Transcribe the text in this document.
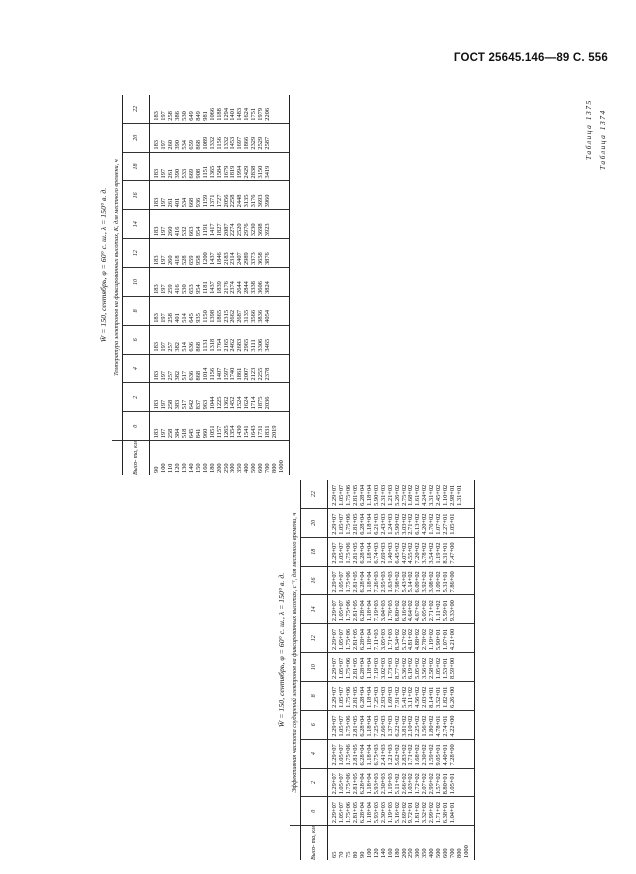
ГОСТ 25645.146—89 С. 556
W̄ = 150, сентябрь, φ = 60° с. ш., λ = 150° в. д.
	Температура электронов на фиксированных высотах, К, для местного времени, ч											
Высо- та, км	0	2	4	6	8	10	12	14	16	18	20	22
90	183	183	183	183	183	183	183	183	183	183	183	183
100	197	197	197	197	197	197	197	197	197	197	197	197
110	258	258	257	257	258	259	260	260	261	261	260	258
120	384	383	382	382	401	416	418	416	401	390	390	386
130	518	517	517	514	514	530	528	532	534	533	534	530
140	645	642	636	636	645	653	659	663	668	669	659	649
150	841	837	868	868	935	954	958	954	936	908	868	849
160	960	963	1014	1131	1150	1181	1200	1191	1159	1151	1089	981
180	1051	1044	1156	1318	1398	1437	1437	1417	1371	1365	1332	1066
200	1157	1225	1407	1764	1865	1839	1846	1827	1727	1584	1156	1188
250	1265	1362	1597	2165	2315	2176	2183	2087	2056	1679	1332	1294
300	1354	1452	1740	2462	2662	2374	2314	2274	2258	1819	1453	1401
350	1430	1524	1861	2683	2687	2644	2407	2520	2448	1994	1697	1483
400	1541	1624	2007	2965	3135	2844	2989	2976	3135	2429	1866	1624
500	1643	1714	2123	3111	3566	3338	3373	3230	3176	2838	2329	1751
600	1731	1875	2255	3306	3836	3606	3658	3698	3693	3150	2529	1979
700	1831	2036	2378	3465	4054	3824	3876	3923	3960	3419	2587	2206
800	2019											
1000												
Таблица 1374
W̄ = 150, сентябрь, φ = 60° с. ш., λ = 150° в. д.
	Эффективная частота соударений электронов на фиксированных высотах, с⁻¹, для местного времени, ч											
Высо- та, км	0	2	4	6	8	10	12	14	16	18	20	22
65	2.29+07	2.29+07	2.29+07	2.29+07	2.29+07	2.29+07	2.29+07	2.29+07	2.29+07	2.29+07	2.29+07	2.29+07
70	1.05+07	1.05+07	1.05+07	1.05+07	1.05+07	1.05+07	1.05+07	1.05+07	1.05+07	1.05+07	1.05+07	1.05+07
75	1.75+06	1.75+06	1.75+06	1.75+06	1.75+06	1.75+06	1.75+06	1.75+06	1.75+06	1.75+06	1.75+06	1.75+06
80	2.81+05	2.81+05	2.81+05	2.81+05	2.81+05	2.81+05	2.81+05	2.81+05	2.81+05	2.81+05	2.81+05	2.81+05
90	6.28+04	6.28+04	6.28+04	6.28+04	6.28+04	6.28+04	6.28+04	6.28+04	6.28+04	6.28+04	6.28+04	6.28+04
100	1.18+04	1.18+04	1.18+04	1.18+04	1.18+04	1.18+04	1.18+04	1.18+04	1.18+04	1.18+04	1.18+04	1.18+04
120	5.93+03	5.93+03	6.75+03	7.25+03	7.25+03	7.19+03	7.11+03	7.19+03	7.26+03	6.74+03	6.21+03	5.90+03
140	2.30+03	2.30+03	2.41+03	2.66+03	2.93+03	3.02+03	3.05+03	3.04+03	2.95+03	2.69+03	2.43+03	2.31+03
160	1.19+03	1.19+03	1.21+03	1.37+03	1.69+03	1.73+03	1.71+03	1.76+03	1.63+03	1.40+03	1.24+03	1.21+03
180	5.16+02	5.11+02	5.62+02	6.22+02	7.91+02	8.77+02	8.34+02	8.80+02	7.98+02	6.45+02	5.90+02	5.26+02
200	2.69+02	2.66+02	2.83+02	3.81+02	5.41+02	5.36+02	5.17+02	6.16+02	5.43+02	4.07+02	3.03+02	2.75+02
250	9.72+01	1.03+02	1.71+02	2.10+02	3.11+02	6.19+02	4.81+02	4.64+02	5.14+02	4.55+02	2.71+02	1.68+02
300	1.81+02	1.72+02	1.68+02	2.25+02	4.56+02	5.05+02	4.88+02	4.67+02	6.09+02	7.20+02	6.13+02	1.61+02
350	3.32+02	2.07+02	2.30+02	1.56+02	2.03+02	3.56+02	2.78+02	5.05+02	3.92+02	3.78+02	4.20+02	4.24+02
400	2.99+02	2.99+02	1.59+02	1.80+02	8.14+01	2.58+02	1.19+02	2.71+02	3.08+02	3.54+02	1.76+02	3.31+02
500	1.71+02	1.57+02	9.05+01	4.78+01	3.52+01	1.05+02	5.90+01	1.11+02	1.09+02	1.19+02	1.07+02	2.45+02
600	6.38+01	8.80+01	4.40+01	2.74+01	1.82+01	1.53+01	1.07+01	5.59+01	5.31+01	8.31+01	2.27+01	1.10+02
700	1.04+01	1.05+01	7.28+00	4.22+00	6.26+00	8.59+00	4.21+00	9.33+00	7.86+00	7.47+00	1.05+01	2.98+01
800												1.31+01
1000												
Таблица 1375
